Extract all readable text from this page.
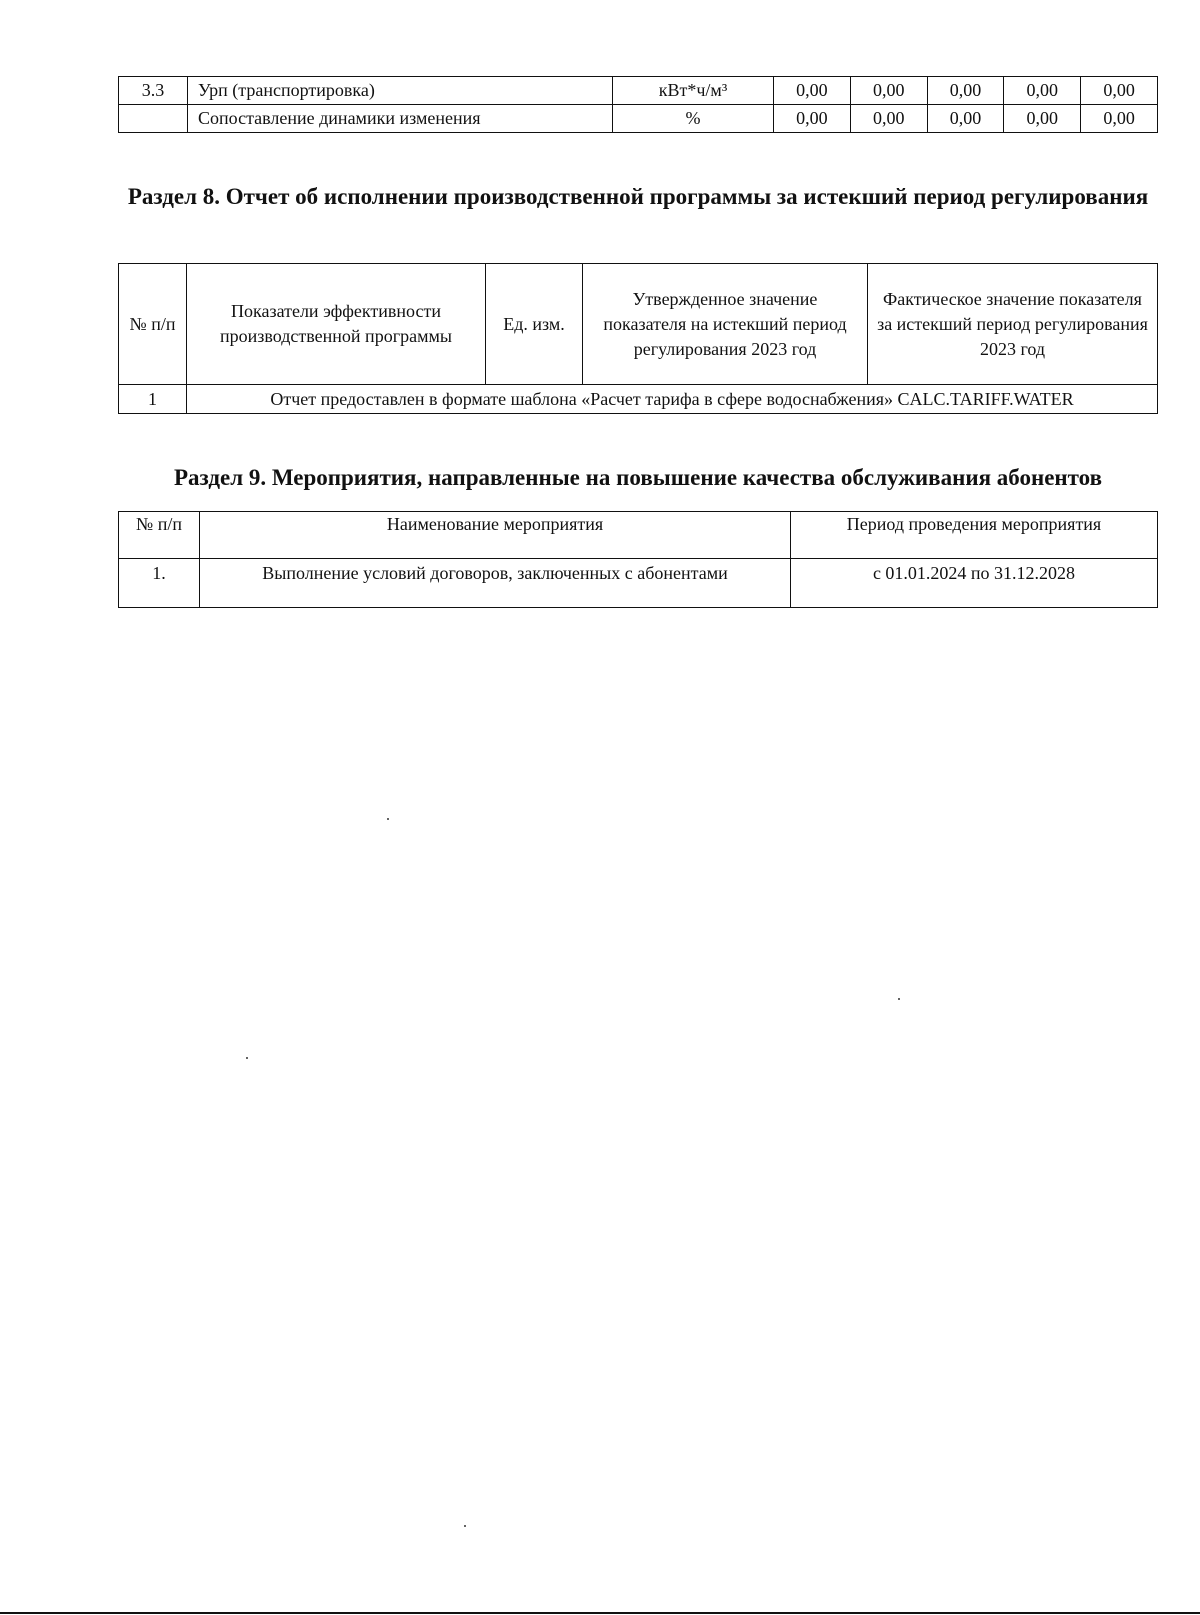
3.3	Урп (транспортировка)	кВт*ч/м³	0,00	0,00	0,00	0,00	0,00
	Сопоставление динамики изменения	%	0,00	0,00	0,00	0,00	0,00
Раздел 8. Отчет об исполнении производственной программы за истекший период регулирования
№ п/п	Показатели эффективности производственной программы	Ед. изм.	Утвержденное значение показателя на истекший период регулирования 2023 год	Фактическое значение показателя за истекший период регулирования 2023 год
1	Отчет предоставлен в формате шаблона «Расчет тарифа в сфере водоснабжения» CALC.TARIFF.WATER			
Раздел 9. Мероприятия, направленные на повышение качества обслуживания абонентов
№ п/п	Наименование мероприятия	Период проведения мероприятия
1.	Выполнение условий договоров, заключенных с абонентами	с 01.01.2024 по 31.12.2028
